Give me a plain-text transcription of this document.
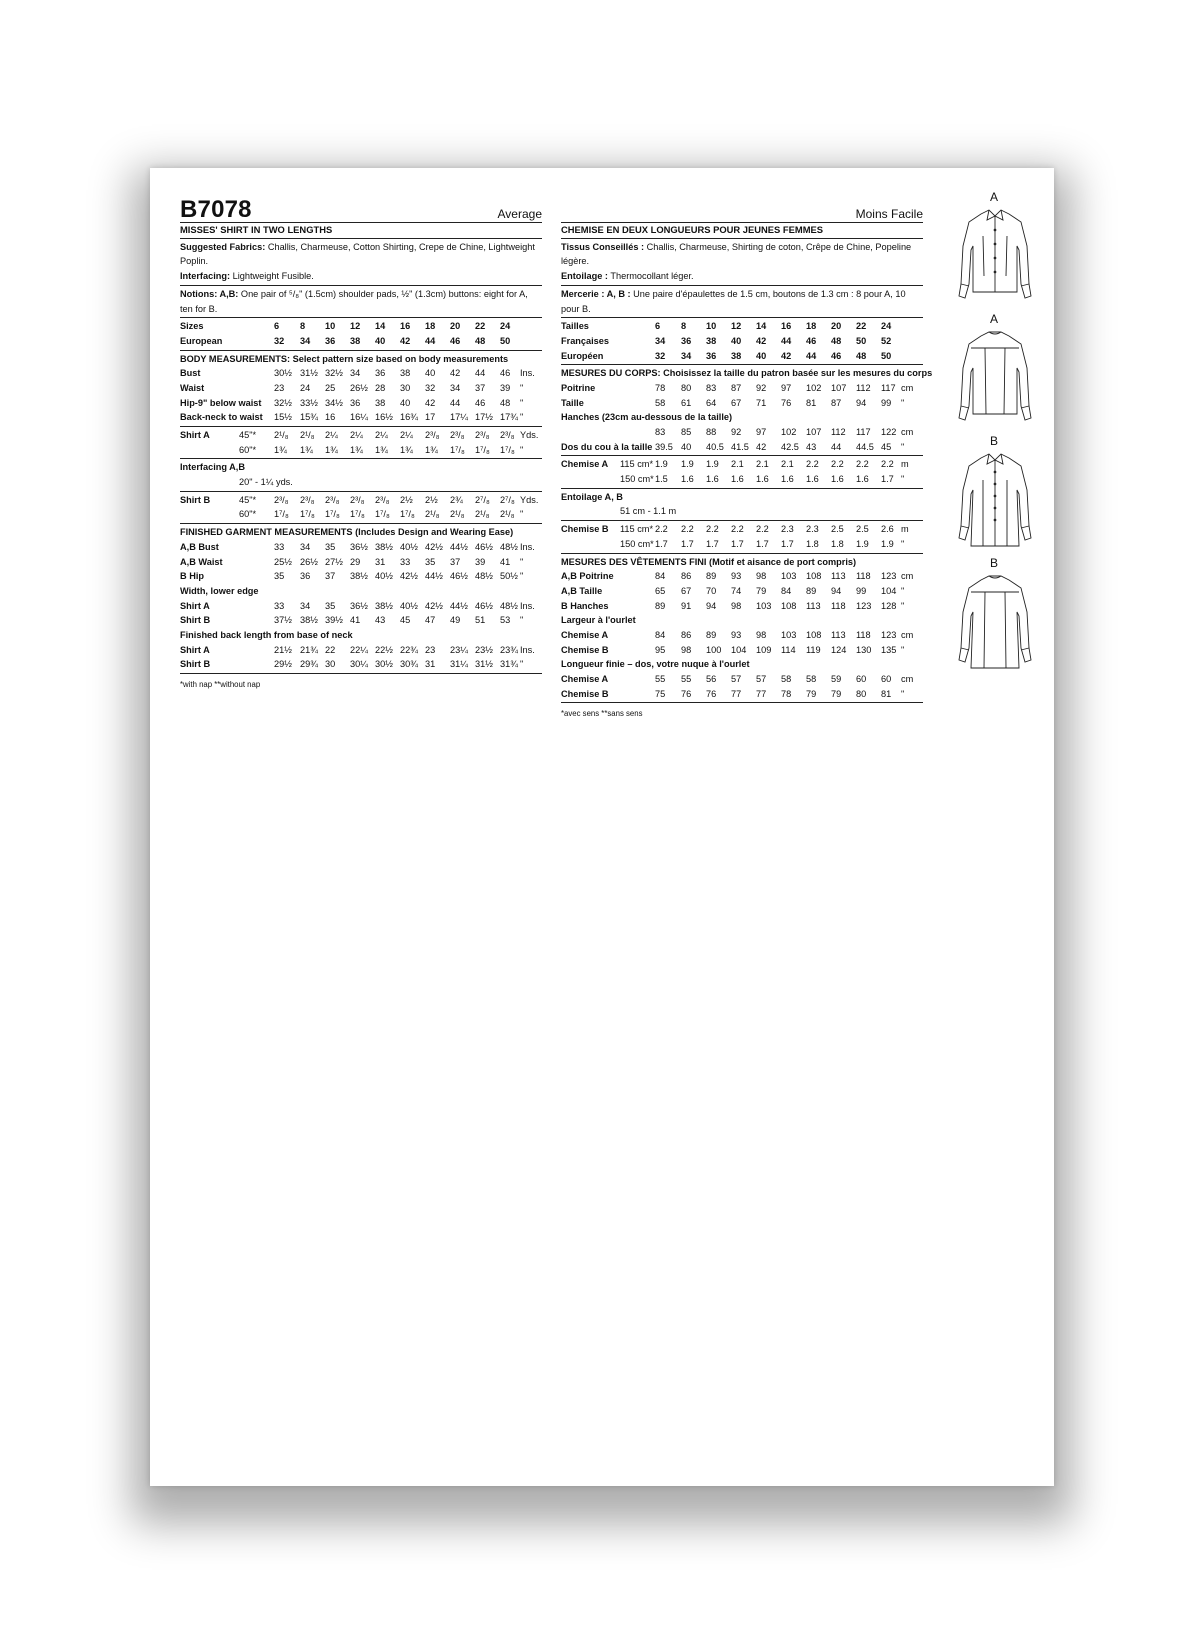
B7078	Average
MISSES' SHIRT IN TWO LENGTHS
Suggested Fabrics: Challis, Charmeuse, Cotton Shirting, Crepe de Chine, Lightweight Poplin.
Interfacing: Lightweight Fusible.
Notions: A,B: One pair of ⁵/₈" (1.5cm) shoulder pads, ½" (1.3cm) buttons: eight for A, ten for B.
Sizes	6 8 10 12 14 16 18 20 22 24
European	32 34 36 38 40 42 44 46 48 50
BODY MEASUREMENTS: Select pattern size based on body measurements
Bust	30½ 31½ 32½ 34 36 38 40 42 44 46 Ins.
Waist	23 24 25 26½ 28 30 32 34 37 39 "
Hip-9" below waist 32½ 33½ 34½ 36 38 40 42 44 46 48 "
Back-neck to waist 15½ 15¾ 16 16¼ 16½ 16¾ 17 17¼ 17½ 17¾ "
Shirt A	45"* 2¹/₈ 2¹/₈ 2¼ 2¼ 2¼ 2¼ 2³/₈ 2³/₈ 2³/₈ 2³/₈ Yds.
60"* 1¾ 1¾ 1¾ 1¾ 1¾ 1¾ 1¾ 1⁷/₈ 1⁷/₈ 1⁷/₈ "
Interfacing A,B
20" - 1¼ yds.
Shirt B	45"* 2³/₈ 2³/₈ 2³/₈ 2³/₈ 2³/₈ 2½ 2½ 2¾ 2⁷/₈ 2⁷/₈ Yds.
60"* 1⁷/₈ 1⁷/₈ 1⁷/₈ 1⁷/₈ 1⁷/₈ 1⁷/₈ 2¹/₈ 2¹/₈ 2¹/₈ 2¹/₈ "
FINISHED GARMENT MEASUREMENTS (Includes Design and Wearing Ease)
A,B Bust	33 34 35 36½ 38½ 40½ 42½ 44½ 46½ 48½ Ins.
A,B Waist	25½ 26½ 27½ 29 31 33 35 37 39 41 "
B Hip	35 36 37 38½ 40½ 42½ 44½ 46½ 48½ 50½ "
Width, lower edge
Shirt A	33 34 35 36½ 38½ 40½ 42½ 44½ 46½ 48½ Ins.
Shirt B	37½ 38½ 39½ 41 43 45 47 49 51 53 "
Finished back length from base of neck
Shirt A	21½ 21¾ 22 22¼ 22½ 22¾ 23 23¼ 23½ 23¾ Ins.
Shirt B	29½ 29¾ 30 30¼ 30½ 30¾ 31 31¼ 31½ 31¾ "
*with nap **without nap
Moins Facile
CHEMISE EN DEUX LONGUEURS POUR JEUNES FEMMES
Tissus Conseillés : Challis, Charmeuse, Shirting de coton, Crêpe de Chine, Popeline légère.
Entoilage : Thermocollant léger.
Mercerie : A, B : Une paire d'épaulettes de 1.5 cm, boutons de 1.3 cm : 8 pour A, 10 pour B.
Tailles	6 8 10 12 14 16 18 20 22 24
Françaises	34 36 38 40 42 44 46 48 50 52
Européen	32 34 36 38 40 42 44 46 48 50
MESURES DU CORPS: Choisissez la taille du patron basée sur les mesures du corps
Poitrine	78 80 83 87 92 97 102 107 112 117 cm
Taille	58 61 64 67 71 76 81 87 94 99 "
Hanches (23cm au-dessous de la taille)
83 85 88 92 97 102 107 112 117 122 cm
Dos du cou à la taille 39.5 40 40.5 41.5 42 42.5 43 44 44.5 45 "
Chemise A 115 cm* 1.9 1.9 1.9 2.1 2.1 2.1 2.2 2.2 2.2 2.2 m
150 cm* 1.5 1.6 1.6 1.6 1.6 1.6 1.6 1.6 1.6 1.7 "
Entoilage A, B
51 cm - 1.1 m
Chemise B 115 cm* 2.2 2.2 2.2 2.2 2.2 2.3 2.3 2.5 2.5 2.6 m
150 cm* 1.7 1.7 1.7 1.7 1.7 1.7 1.8 1.8 1.9 1.9 "
MESURES DES VÊTEMENTS FINI (Motif et aisance de port compris)
A,B Poitrine	84 86 89 93 98 103 108 113 118 123 cm
A,B Taille	65 67 70 74 79 84 89 94 99 104 "
B Hanches	89 91 94 98 103 108 113 118 123 128 "
Largeur à l'ourlet
Chemise A	84 86 89 93 98 103 108 113 118 123 cm
Chemise B	95 98 100 104 109 114 119 124 130 135 "
Longueur finie – dos, votre nuque à l'ourlet
Chemise A	55 55 56 57 57 58 58 59 60 60 cm
Chemise B	75 76 76 77 77 78 79 79 80 81 "
*avec sens **sans sens
A
A
B
B
